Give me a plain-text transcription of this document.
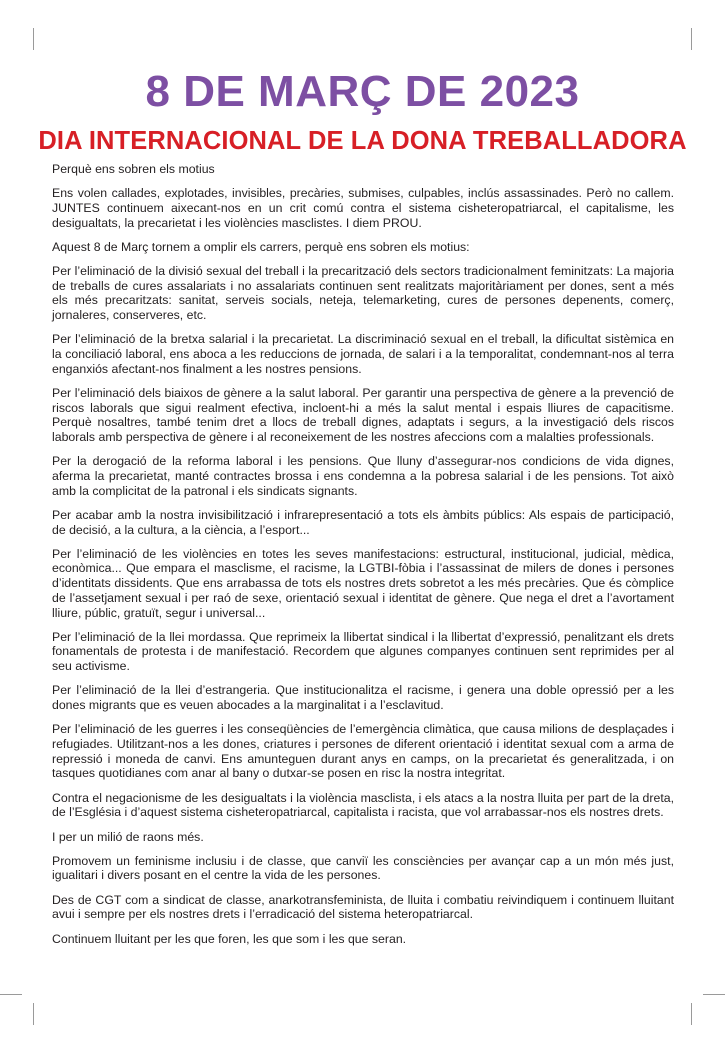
8 DE MARÇ DE 2023
DIA INTERNACIONAL DE LA DONA TREBALLADORA

Perquè ens sobren els motius

Ens volen callades, explotades, invisibles, precàries, submises, culpables, inclús assassinades. Però no callem. JUNTES continuem aixecant-nos en un crit comú contra el sistema cisheteropatriarcal, el capitalisme, les desigualtats, la precarietat i les violències masclistes. I diem PROU.

Aquest 8 de Març tornem a omplir els carrers, perquè ens sobren els motius:

Per l’eliminació de la divisió sexual del treball i la precarització dels sectors tradicionalment feminitzats: La majoria de treballs de cures assalariats i no assalariats continuen sent realitzats majoritàriament per dones, sent a més els més precaritzats: sanitat, serveis socials, neteja, telemarketing, cures de persones depenents, comerç, jornaleres, conserveres, etc.

Per l’eliminació de la bretxa salarial i la precarietat. La discriminació sexual en el treball, la dificultat sistèmica en la conciliació laboral, ens aboca a les reduccions de jornada, de salari i a la temporalitat, condemnant-nos al terra enganxiós afectant-nos finalment a les nostres pensions.

Per l’eliminació dels biaixos de gènere a la salut laboral. Per garantir una perspectiva de gènere a la prevenció de riscos laborals que sigui realment efectiva, incloent-hi a més la salut mental i espais lliures de capacitisme. Perquè nosaltres, també tenim dret a llocs de treball dignes, adaptats i segurs, a la investigació dels riscos laborals amb perspectiva de gènere i al reconeixement de les nostres afeccions com a malalties professionals.

Per la derogació de la reforma laboral i les pensions. Que lluny d’assegurar-nos condicions de vida dignes, aferma la precarietat, manté contractes brossa i ens condemna a la pobresa salarial i de les pensions. Tot això amb la complicitat de la patronal i els sindicats signants.

Per acabar amb la nostra invisibilització i infrarepresentació a tots els àmbits públics: Als espais de participació, de decisió, a la cultura, a la ciència, a l’esport...

Per l’eliminació de les violències en totes les seves manifestacions: estructural, institucional, judicial, mèdica, econòmica... Que empara el masclisme, el racisme, la LGTBI-fòbia i l’assassinat de milers de dones i persones d’identitats dissidents. Que ens arrabassa de tots els nostres drets sobretot a les més precàries. Que és còmplice de l’assetjament sexual i per raó de sexe, orientació sexual i identitat de gènere. Que nega el dret a l’avortament lliure, públic, gratuït, segur i universal...

Per l’eliminació de la llei mordassa. Que reprimeix la llibertat sindical i la llibertat d’expressió, penalitzant els drets fonamentals de protesta i de manifestació. Recordem que algunes companyes continuen sent reprimides per al seu activisme.

Per l’eliminació de la llei d’estrangeria. Que institucionalitza el racisme, i genera una doble opressió per a les dones migrants que es veuen abocades a la marginalitat i a l’esclavitud.

Per l’eliminació de les guerres i les conseqüències de l’emergència climàtica, que causa milions de desplaçades i refugiades. Utilitzant-nos a les dones, criatures i persones de diferent orientació i identitat sexual com a arma de repressió i moneda de canvi. Ens amunteguen durant anys en camps, on la precarietat és generalitzada, i on tasques quotidianes com anar al bany o dutxar-se posen en risc la nostra integritat.

Contra el negacionisme de les desigualtats i la violència masclista, i els atacs a la nostra lluita per part de la dreta, de l’Església i d’aquest sistema cisheteropatriarcal, capitalista i racista, que vol arrabassar-nos els nostres drets.

I per un milió de raons més.

Promovem un feminisme inclusiu i de classe, que canviï les consciències per avançar cap a un món més just, igualitari i divers posant en el centre la vida de les persones.

Des de CGT com a sindicat de classe, anarkotransfeminista, de lluita i combatiu reivindiquem i continuem lluitant avui i sempre per els nostres drets i l’erradicació del sistema heteropatriarcal.

Continuem lluitant per les que foren, les que som i les que seran.
